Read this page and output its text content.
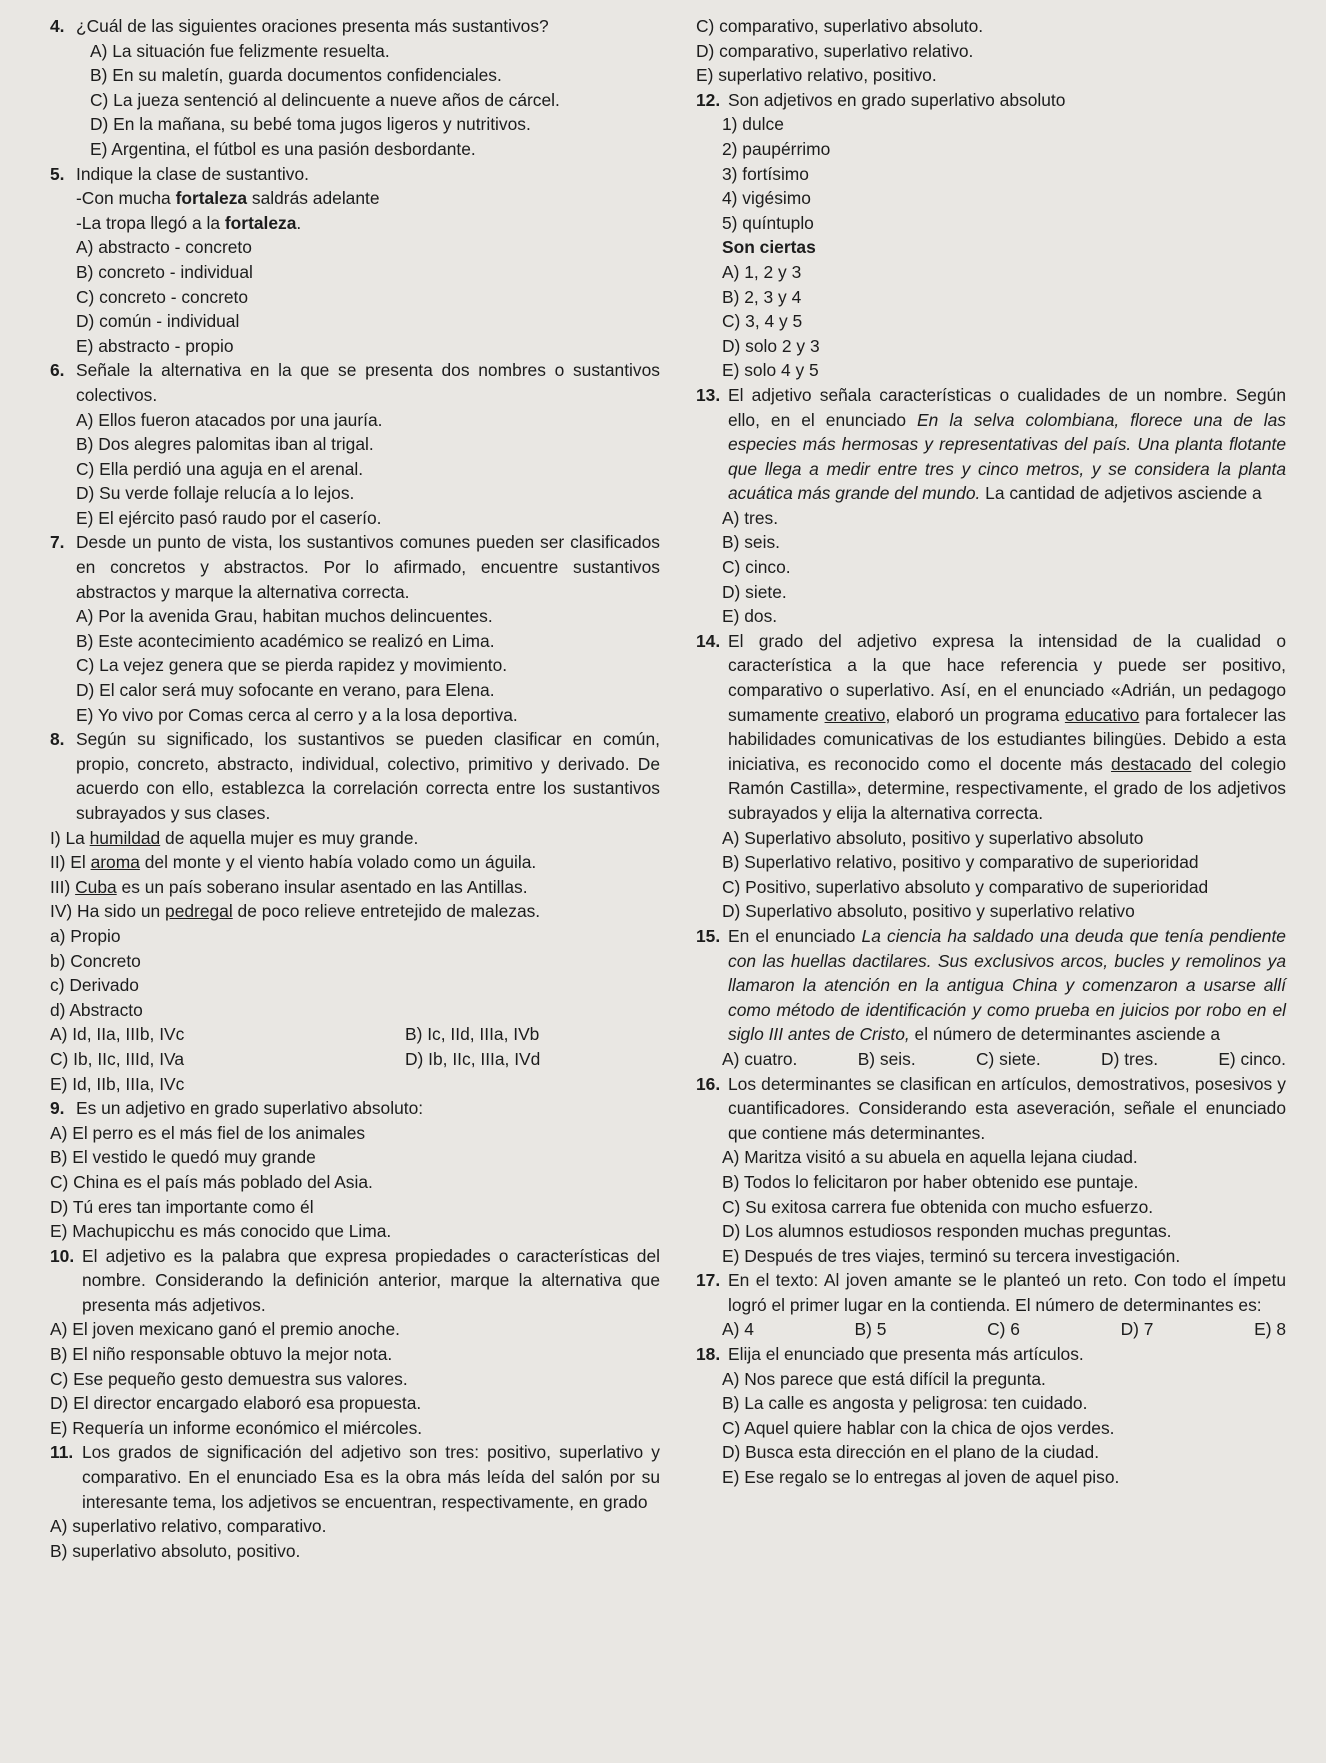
4. ¿Cuál de las siguientes oraciones presenta más sustantivos?
A) La situación fue felizmente resuelta.
B) En su maletín, guarda documentos confidenciales.
C) La jueza sentenció al delincuente a nueve años de cárcel.
D) En la mañana, su bebé toma jugos ligeros y nutritivos.
E) Argentina, el fútbol es una pasión desbordante.
5. Indique la clase de sustantivo.
-Con mucha fortaleza saldrás adelante
-La tropa llegó a la fortaleza.
A) abstracto - concreto
B) concreto - individual
C) concreto - concreto
D) común - individual
E) abstracto - propio
6. Señale la alternativa en la que se presenta dos nombres o sustantivos colectivos.
A) Ellos fueron atacados por una jauría.
B) Dos alegres palomitas iban al trigal.
C) Ella perdió una aguja en el arenal.
D) Su verde follaje relucía a lo lejos.
E) El ejército pasó raudo por el caserío.
7. Desde un punto de vista, los sustantivos comunes pueden ser clasificados en concretos y abstractos. Por lo afirmado, encuentre sustantivos abstractos y marque la alternativa correcta.
A) Por la avenida Grau, habitan muchos delincuentes.
B) Este acontecimiento académico se realizó en Lima.
C) La vejez genera que se pierda rapidez y movimiento.
D) El calor será muy sofocante en verano, para Elena.
E) Yo vivo por Comas cerca al cerro y a la losa deportiva.
8. Según su significado, los sustantivos se pueden clasificar en común, propio, concreto, abstracto, individual, colectivo, primitivo y derivado. De acuerdo con ello, establezca la correlación correcta entre los sustantivos subrayados y sus clases.
I) La humildad de aquella mujer es muy grande.
II) El aroma del monte y el viento había volado como un águila.
III) Cuba es un país soberano insular asentado en las Antillas.
IV) Ha sido un pedregal de poco relieve entretejido de malezas.
a) Propio
b) Concreto
c) Derivado
d) Abstracto
A) Id, IIa, IIIb, IVc	B) Ic, IId, IIIa, IVb
C) Ib, IIc, IIId, IVa	D) Ib, IIc, IIIa, IVd
E) Id, IIb, IIIa, IVc
9. Es un adjetivo en grado superlativo absoluto:
A) El perro es el más fiel de los animales
B) El vestido le quedó muy grande
C) China es el país más poblado del Asia.
D) Tú eres tan importante como él
E) Machupicchu es más conocido que Lima.
10. El adjetivo es la palabra que expresa propiedades o características del nombre. Considerando la definición anterior, marque la alternativa que presenta más adjetivos.
A) El joven mexicano ganó el premio anoche.
B) El niño responsable obtuvo la mejor nota.
C) Ese pequeño gesto demuestra sus valores.
D) El director encargado elaboró esa propuesta.
E) Requería un informe económico el miércoles.
11. Los grados de significación del adjetivo son tres: positivo, superlativo y comparativo. En el enunciado Esa es la obra más leída del salón por su interesante tema, los adjetivos se encuentran, respectivamente, en grado
A) superlativo relativo, comparativo.
B) superlativo absoluto, positivo.
C) comparativo, superlativo absoluto.
D) comparativo, superlativo relativo.
E) superlativo relativo, positivo.
12. Son adjetivos en grado superlativo absoluto
1) dulce
2) paupérrimo
3) fortísimo
4) vigésimo
5) quíntuplo
Son ciertas
A) 1, 2 y 3
B) 2, 3 y 4
C) 3, 4 y 5
D) solo 2 y 3
E) solo 4 y 5
13. El adjetivo señala características o cualidades de un nombre. Según ello, en el enunciado En la selva colombiana, florece una de las especies más hermosas y representativas del país. Una planta flotante que llega a medir entre tres y cinco metros, y se considera la planta acuática más grande del mundo. La cantidad de adjetivos asciende a
A) tres.
B) seis.
C) cinco.
D) siete.
E) dos.
14. El grado del adjetivo expresa la intensidad de la cualidad o característica a la que hace referencia y puede ser positivo, comparativo o superlativo. Así, en el enunciado «Adrián, un pedagogo sumamente creativo, elaboró un programa educativo para fortalecer las habilidades comunicativas de los estudiantes bilingües. Debido a esta iniciativa, es reconocido como el docente más destacado del colegio Ramón Castilla», determine, respectivamente, el grado de los adjetivos subrayados y elija la alternativa correcta.
A) Superlativo absoluto, positivo y superlativo absoluto
B) Superlativo relativo, positivo y comparativo de superioridad
C) Positivo, superlativo absoluto y comparativo de superioridad
D) Superlativo absoluto, positivo y superlativo relativo
15. En el enunciado La ciencia ha saldado una deuda que tenía pendiente con las huellas dactilares. Sus exclusivos arcos, bucles y remolinos ya llamaron la atención en la antigua China y comenzaron a usarse allí como método de identificación y como prueba en juicios por robo en el siglo III antes de Cristo, el número de determinantes asciende a
A) cuatro.	B) seis.	C) siete.	D) tres.	E) cinco.
16. Los determinantes se clasifican en artículos, demostrativos, posesivos y cuantificadores. Considerando esta aseveración, señale el enunciado que contiene más determinantes.
A) Maritza visitó a su abuela en aquella lejana ciudad.
B) Todos lo felicitaron por haber obtenido ese puntaje.
C) Su exitosa carrera fue obtenida con mucho esfuerzo.
D) Los alumnos estudiosos responden muchas preguntas.
E) Después de tres viajes, terminó su tercera investigación.
17. En el texto: Al joven amante se le planteó un reto. Con todo el ímpetu logró el primer lugar en la contienda. El número de determinantes es:
A) 4	B) 5	C) 6	D) 7	E) 8
18. Elija el enunciado que presenta más artículos.
A) Nos parece que está difícil la pregunta.
B) La calle es angosta y peligrosa: ten cuidado.
C) Aquel quiere hablar con la chica de ojos verdes.
D) Busca esta dirección en el plano de la ciudad.
E) Ese regalo se lo entregas al joven de aquel piso.
